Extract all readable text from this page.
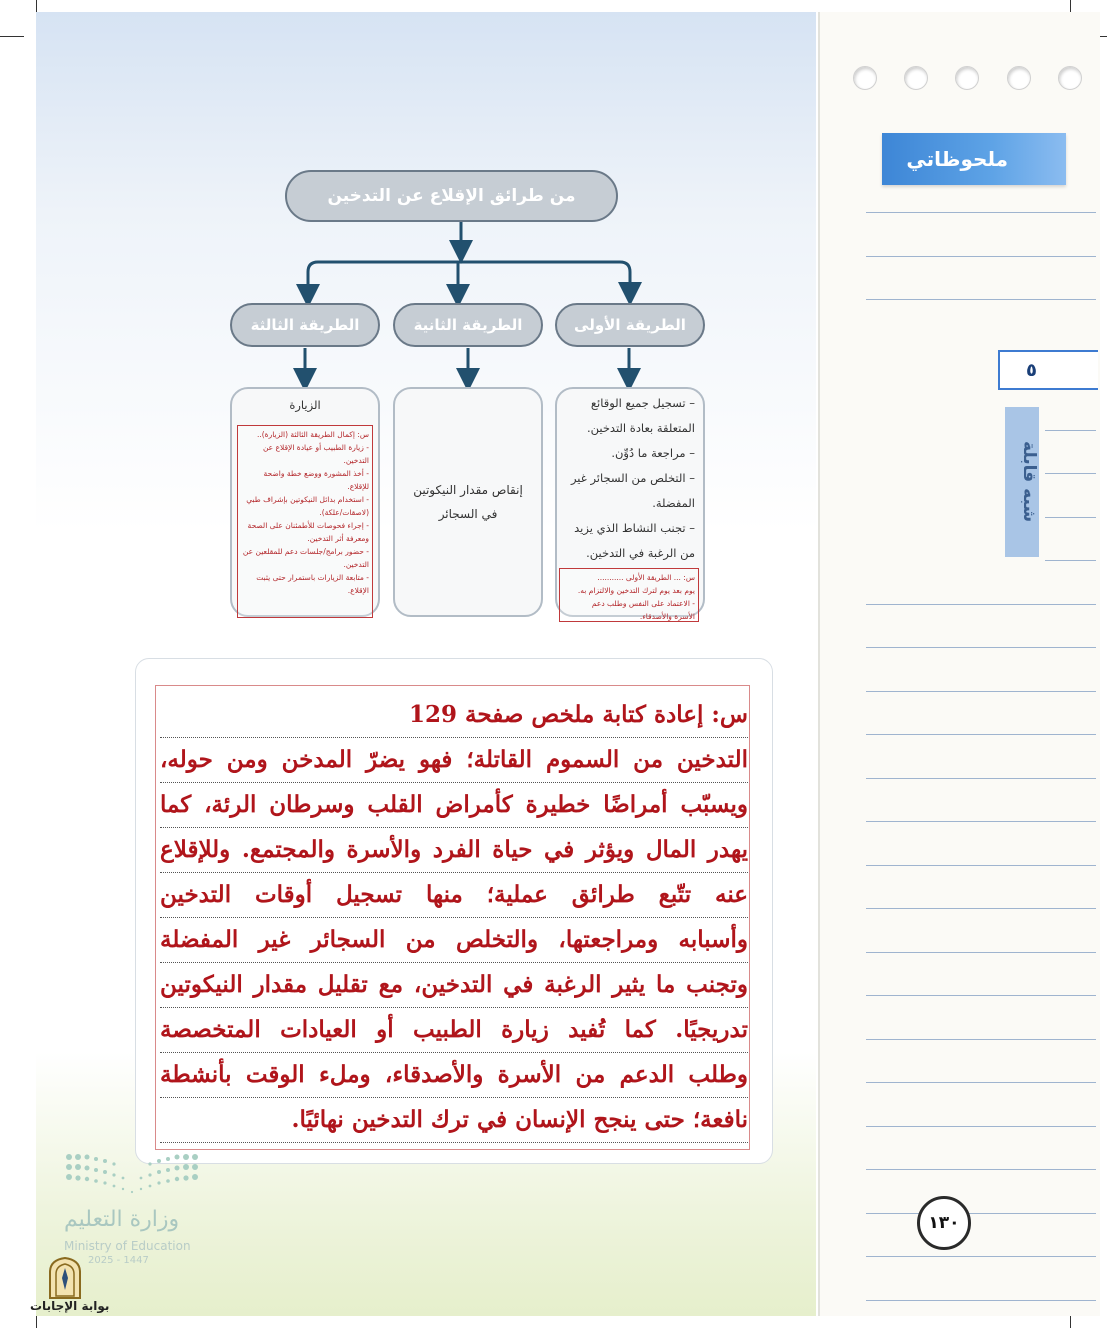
من طرائق الإقلاع عن التدخين
الطريقة الأولى
الطريقة الثانية
الطريقة الثالثة

– تسجيل جميع الوقائع المتعلقة بعادة التدخين.

– مراجعة ما دُوِّن.

– التخلص من السجائر غير المفضلة.

– تجنب النشاط الذي يزيد من الرغبة في التدخين.

إنقاص مقدار النيكوتين في السجائر
الزيارة
س: إكمال الطريقة الثالثة (الزيارة)..
- زيارة الطبيب أو عيادة الإقلاع عن التدخين.
- أخذ المشورة ووضع خطة واضحة للإقلاع.
- استخدام بدائل النيكوتين بإشراف طبي (لاصقات/علكة).
- إجراء فحوصات للأطمئنان على الصحة ومعرفة أثر التدخين.
- حضور برامج/جلسات دعم للمقلعين عن التدخين.
- متابعة الزيارات باستمرار حتى يثبت الإقلاع.
س: ... الطريقة الأولى ...........
يوم بعد يوم لترك التدخين والالتزام به.
- الاعتماد على النفس وطلب دعم
الأسرة والأصدقاء.
س: إعادة كتابة ملخص صفحة 129
التدخين من السموم القاتلة؛ فهو يضرّ المدخن ومن حوله،
ويسبّب أمراضًا خطيرة كأمراض القلب وسرطان الرئة، كما
يهدر المال ويؤثر في حياة الفرد والأسرة والمجتمع. وللإقلاع
عنه تتّبع طرائق عملية؛ منها تسجيل أوقات التدخين
وأسبابه ومراجعتها، والتخلص من السجائر غير المفضلة
وتجنب ما يثير الرغبة في التدخين، مع تقليل مقدار النيكوتين
تدريجيًا. كما تُفيد زيارة الطبيب أو العيادات المتخصصة
وطلب الدعم من الأسرة والأصدقاء، وملء الوقت بأنشطة
نافعة؛ حتى ينجح الإنسان في ترك التدخين نهائيًا.
وزارة التعليم
Ministry of Education
2025 - 1447
بوابة الإجابات
ملحوظاتي
٥
شبه قابلة
١٣٠
